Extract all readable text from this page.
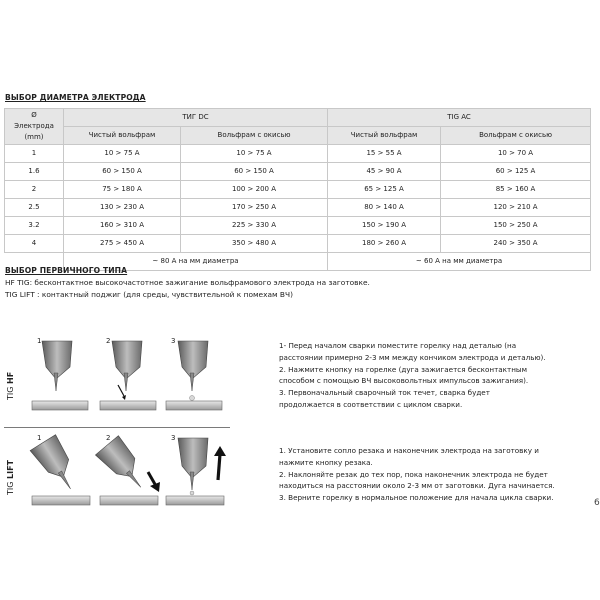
ВЫБОР ДИАМЕТРА ЭЛЕКТРОДА
Ø
Электрода
(mm)	ТИГ DC		TIG AC	
	Чистый вольфрам	Вольфрам с окисью	Чистый вольфрам	Вольфрам с окисью
1	10 > 75 A	10 > 75 A	15 > 55 A	10 > 70 A
1.6	60 > 150 A	60 > 150 A	45 > 90 A	60 > 125 A
2	75 > 180 A	100 > 200 A	65 > 125 A	85 > 160 A
2.5	130 > 230 A	170 > 250 A	80 > 140 A	120 > 210 A
3.2	160 > 310 A	225 > 330 A	150 > 190 A	150 > 250 A
4	275 > 450 A	350 > 480 A	180 > 260 A	240 > 350 A
	~ 80 A на мм диаметра		~ 60 A на мм диаметра	
ВЫБОР ПЕРВИЧНОГО ТИПА
HF TIG: бесконтактное высокочастотное зажигание вольфрамового электрода на заготовке.
TIG LIFT : контактный поджиг (для среды, чувствительной к помехам ВЧ)
TIG HF
1	2	3	1- Перед началом сварки поместите горелку над деталью (на
расстоянии примерно 2-3 мм между кончиком электрода и деталью).
2. Нажмите кнопку на горелке (дуга зажигается бесконтактным
способом с помощью ВЧ высоковольтных импульсов зажигания).
3. Первоначальный сварочный ток течет, сварка будет
продолжается в соответствии с циклом сварки.
TIG LIFT
1	2	3
1. Установите сопло резака и наконечник электрода на заготовку и
нажмите кнопку резака.
2. Наклоняйте резак до тех пор, пока наконечник электрода не будет
находиться на расстоянии около 2-3 мм от заготовки. Дуга начинается.
3. Верните горелку в нормальное положение для начала цикла сварки.
6
